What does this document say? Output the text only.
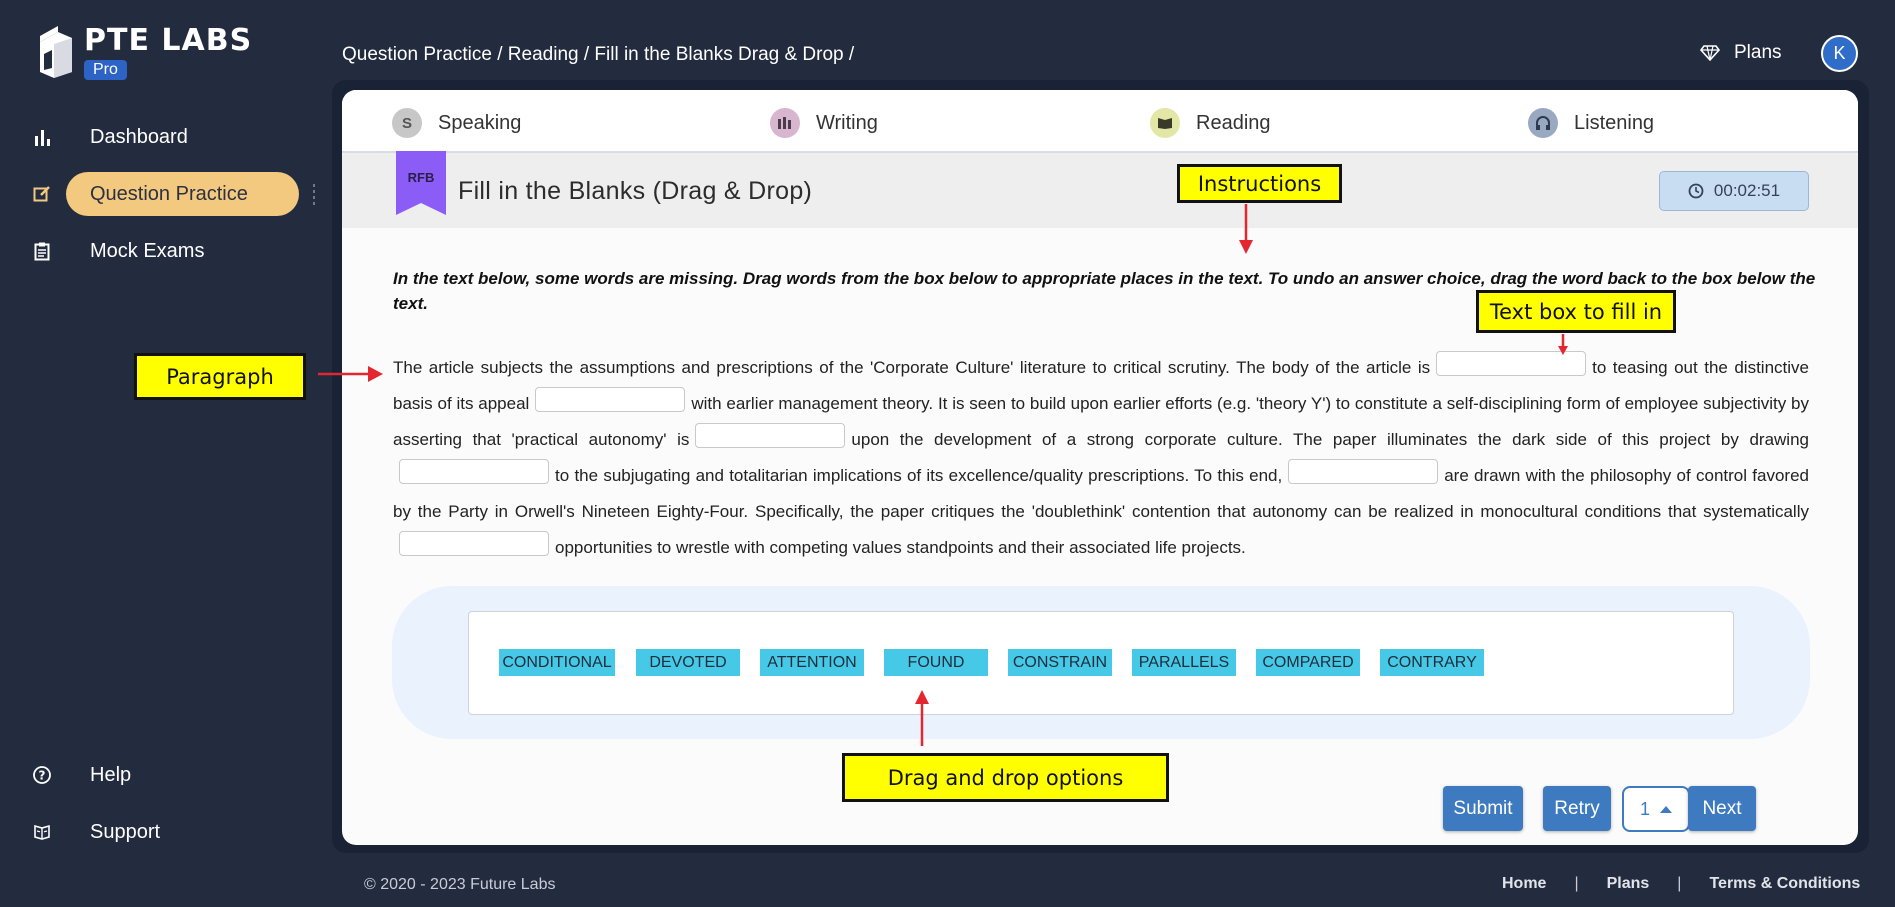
PTE LABS
Pro
Dashboard
Question Practice
Mock Exams
? Help
Support
Question Practice / Reading / Fill in the Blanks Drag & Drop /	Plans	K
S	Speaking	Writing	Reading	Listening
RFB Fill in the Blanks (Drag & Drop)	00:02:51
In the text below, some words are missing. Drag words from the box below to appropriate places in the text. To undo an answer choice, drag the word back to the box below the text.
The article subjects the assumptions and prescriptions of the 'Corporate Culture' literature to critical scrutiny. The body of the article is	to teasing out the distinctive basis of its appeal	with earlier management theory. It is seen to build upon earlier efforts (e.g. 'theory Y') to constitute a self-disciplining form of employee subjectivity by asserting that 'practical autonomy' is	upon the development of a strong corporate culture. The paper illuminates the dark side of this project by drawingto the subjugating and totalitarian implications of its excellence/quality prescriptions. To this end,	are drawn with the philosophy of control favored by the Party in Orwell's Nineteen Eighty-Four. Specifically, the paper critiques the 'doublethink' contention that autonomy can be realized in monocultural conditions that systematicallyopportunities to wrestle with competing values standpoints and their associated life projects.
CONDITIONAL	DEVOTED	ATTENTION	FOUND	CONSTRAIN	PARALLELS	COMPARED	CONTRARY
Submit	Retry	1	Next
Instructions
Text box to fill in
Paragraph
Drag and drop options
© 2020 - 2023 Future Labs	Home | Plans | Terms & Conditions
